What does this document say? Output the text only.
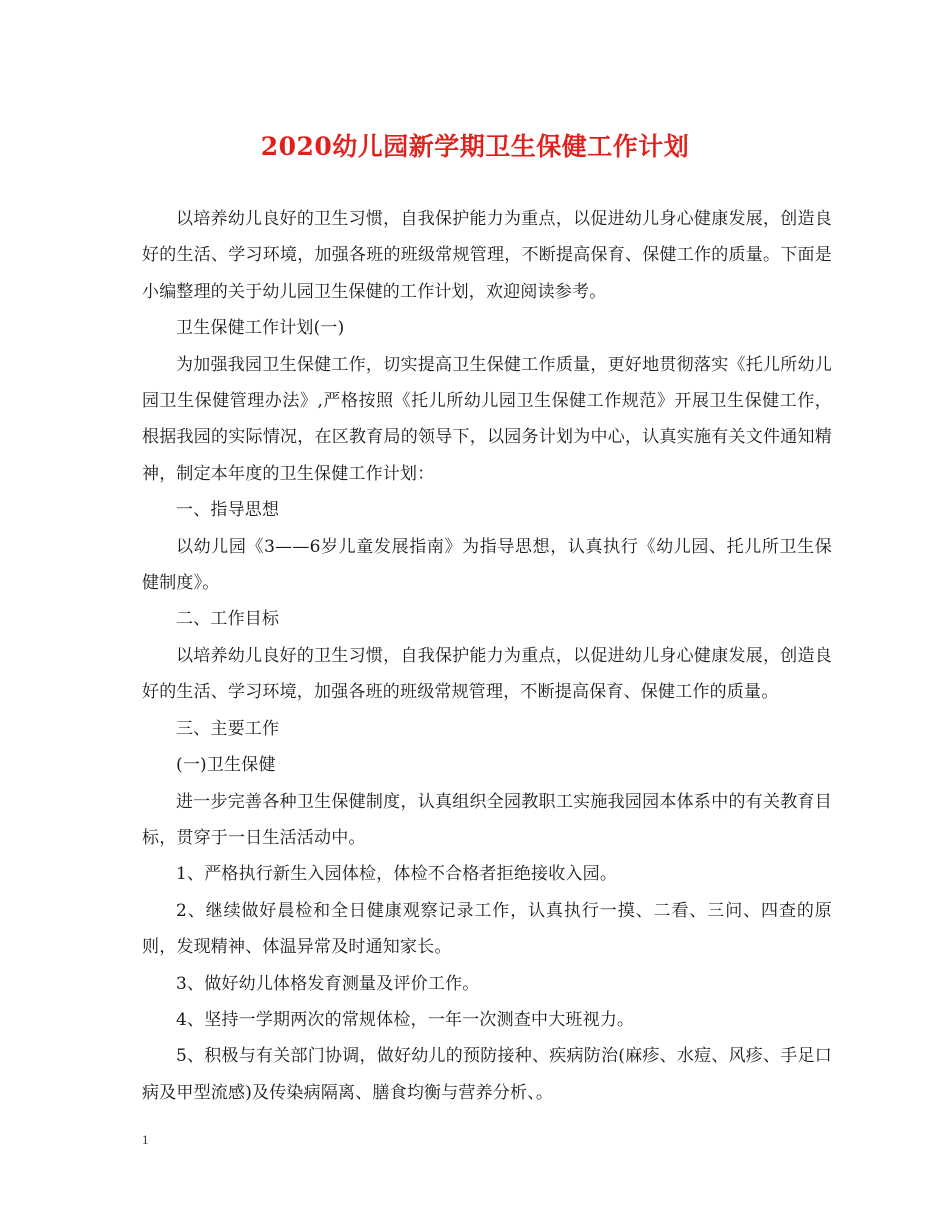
2020幼儿园新学期卫生保健工作计划

以培养幼儿良好的卫生习惯，自我保护能力为重点，以促进幼儿身心健康发展，创造良好的生活、学习环境，加强各班的班级常规管理，不断提高保育、保健工作的质量。下面是小编整理的关于幼儿园卫生保健的工作计划，欢迎阅读参考。

卫生保健工作计划(一)

为加强我园卫生保健工作，切实提高卫生保健工作质量，更好地贯彻落实《托儿所幼儿园卫生保健管理办法》,严格按照《托儿所幼儿园卫生保健工作规范》开展卫生保健工作，根据我园的实际情况，在区教育局的领导下，以园务计划为中心，认真实施有关文件通知精神，制定本年度的卫生保健工作计划：

一、指导思想

以幼儿园《3——6岁儿童发展指南》为指导思想，认真执行《幼儿园、托儿所卫生保健制度》。

二、工作目标

以培养幼儿良好的卫生习惯，自我保护能力为重点，以促进幼儿身心健康发展，创造良好的生活、学习环境，加强各班的班级常规管理，不断提高保育、保健工作的质量。

三、主要工作

(一)卫生保健

进一步完善各种卫生保健制度，认真组织全园教职工实施我园园本体系中的有关教育目标，贯穿于一日生活活动中。

1、严格执行新生入园体检，体检不合格者拒绝接收入园。

2、继续做好晨检和全日健康观察记录工作，认真执行一摸、二看、三问、四查的原则，发现精神、体温异常及时通知家长。

3、做好幼儿体格发育测量及评价工作。

4、坚持一学期两次的常规体检，一年一次测查中大班视力。

5、积极与有关部门协调，做好幼儿的预防接种、疾病防治(麻疹、水痘、风疹、手足口病及甲型流感)及传染病隔离、膳食均衡与营养分析、。

1
